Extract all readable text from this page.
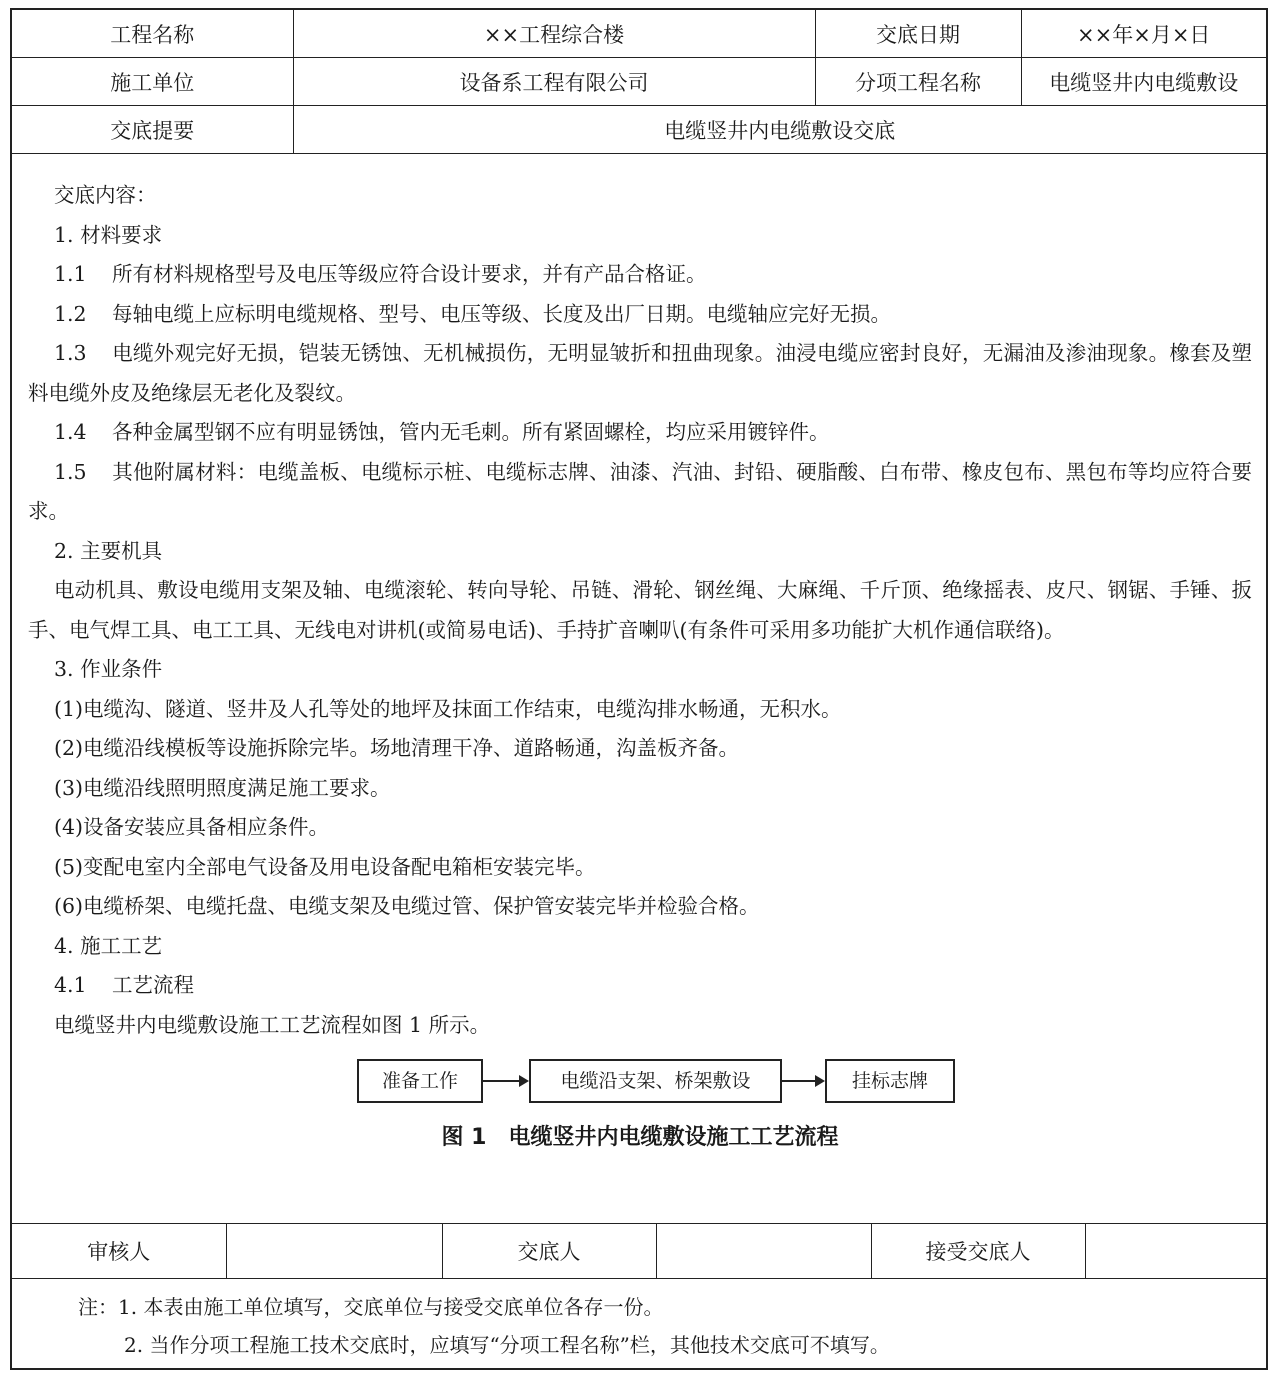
工程名称	××工程综合楼	交底日期	××年×月×日
施工单位	设备系工程有限公司	分项工程名称	电缆竖井内电缆敷设
交底提要	电缆竖井内电缆敷设交底		

交底内容：

1. 材料要求

1.1 所有材料规格型号及电压等级应符合设计要求，并有产品合格证。

1.2 每轴电缆上应标明电缆规格、型号、电压等级、长度及出厂日期。电缆轴应完好无损。

1.3 电缆外观完好无损，铠装无锈蚀、无机械损伤，无明显皱折和扭曲现象。油浸电缆应密封良好，无漏油及渗油现象。橡套及塑料电缆外皮及绝缘层无老化及裂纹。

1.4 各种金属型钢不应有明显锈蚀，管内无毛刺。所有紧固螺栓，均应采用镀锌件。

1.5 其他附属材料：电缆盖板、电缆标示桩、电缆标志牌、油漆、汽油、封铅、硬脂酸、白布带、橡皮包布、黑包布等均应符合要求。

2. 主要机具

电动机具、敷设电缆用支架及轴、电缆滚轮、转向导轮、吊链、滑轮、钢丝绳、大麻绳、千斤顶、绝缘摇表、皮尺、钢锯、手锤、扳手、电气焊工具、电工工具、无线电对讲机(或简易电话)、手持扩音喇叭(有条件可采用多功能扩大机作通信联络)。

3. 作业条件

(1)电缆沟、隧道、竖井及人孔等处的地坪及抹面工作结束，电缆沟排水畅通，无积水。

(2)电缆沿线模板等设施拆除完毕。场地清理干净、道路畅通，沟盖板齐备。

(3)电缆沿线照明照度满足施工要求。

(4)设备安装应具备相应条件。

(5)变配电室内全部电气设备及用电设备配电箱柜安装完毕。

(6)电缆桥架、电缆托盘、电缆支架及电缆过管、保护管安装完毕并检验合格。

4. 施工工艺

4.1 工艺流程

电缆竖井内电缆敷设施工工艺流程如图 1 所示。

准备工作	电缆沿支架、桥架敷设	挂标志牌
图 1　电缆竖井内电缆敷设施工工艺流程
审核人		交底人		接受交底人	

注：1. 本表由施工单位填写，交底单位与接受交底单位各存一份。

2. 当作分项工程施工技术交底时，应填写“分项工程名称”栏，其他技术交底可不填写。
